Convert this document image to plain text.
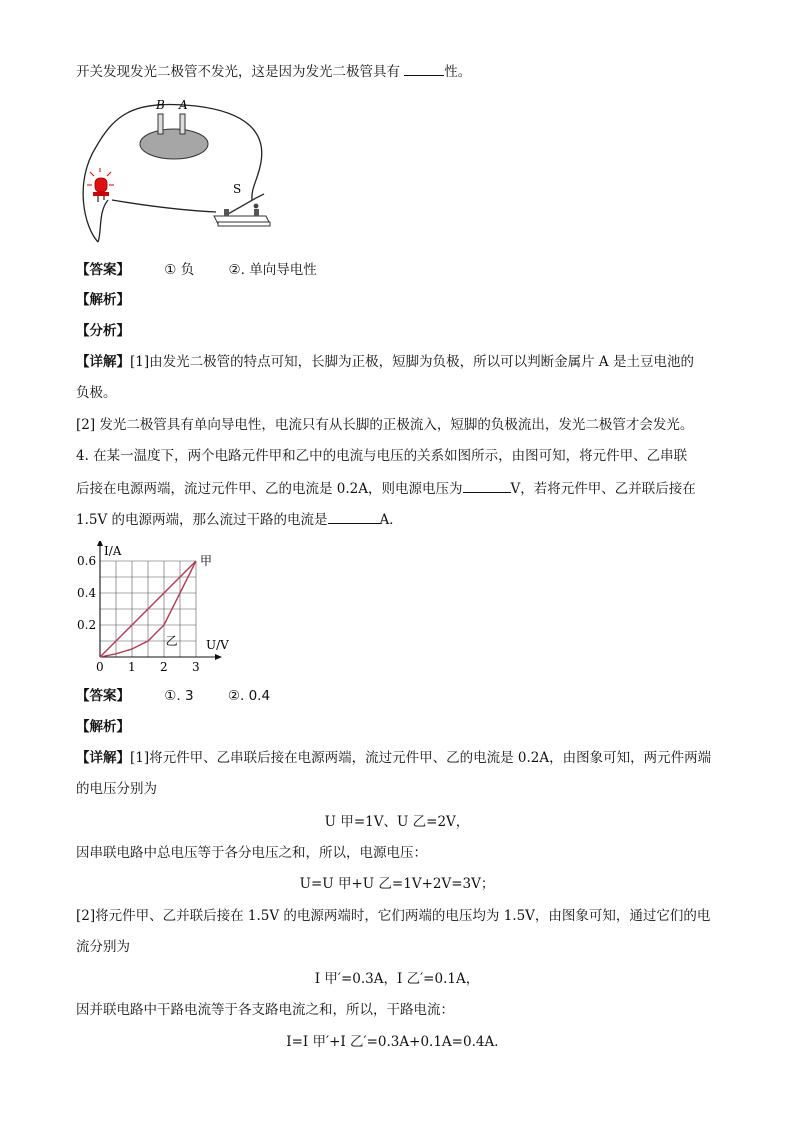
开关发现发光二极管不发光，这是因为发光二极管具有	性。
B A
S
【答案】	① 负	②. 单向导电性
【解析】
【分析】
【详解】[1]由发光二极管的特点可知，长脚为正极，短脚为负极，所以可以判断金属片 A 是土豆电池的
负极。
[2] 发光二极管具有单向导电性，电流只有从长脚的正极流入，短脚的负极流出，发光二极管才会发光。
4. 在某一温度下，两个电路元件甲和乙中的电流与电压的关系如图所示，由图可知，将元件甲、乙串联
后接在电源两端，流过元件甲、乙的电流是 0.2A，则电源电压为	V，若将元件甲、乙并联后接在
1.5V 的电源两端，那么流过干路的电流是	A．
0 1 2 3
0.2
0.4
0.6
I/A
U/V
甲
乙
【答案】	①. 3	②. 0.4
【解析】
【详解】[1]将元件甲、乙串联后接在电源两端，流过元件甲、乙的电流是 0.2A，由图象可知，两元件两端
的电压分别为
U 甲=1V、U 乙=2V，
因串联电路中总电压等于各分电压之和，所以，电源电压：
U=U 甲+U 乙=1V+2V=3V；
[2]将元件甲、乙并联后接在 1.5V 的电源两端时，它们两端的电压均为 1.5V，由图象可知，通过它们的电
流分别为
I 甲′=0.3A，I 乙′=0.1A，
因并联电路中干路电流等于各支路电流之和，所以，干路电流：
I=I 甲′+I 乙′=0.3A+0.1A=0.4A．
